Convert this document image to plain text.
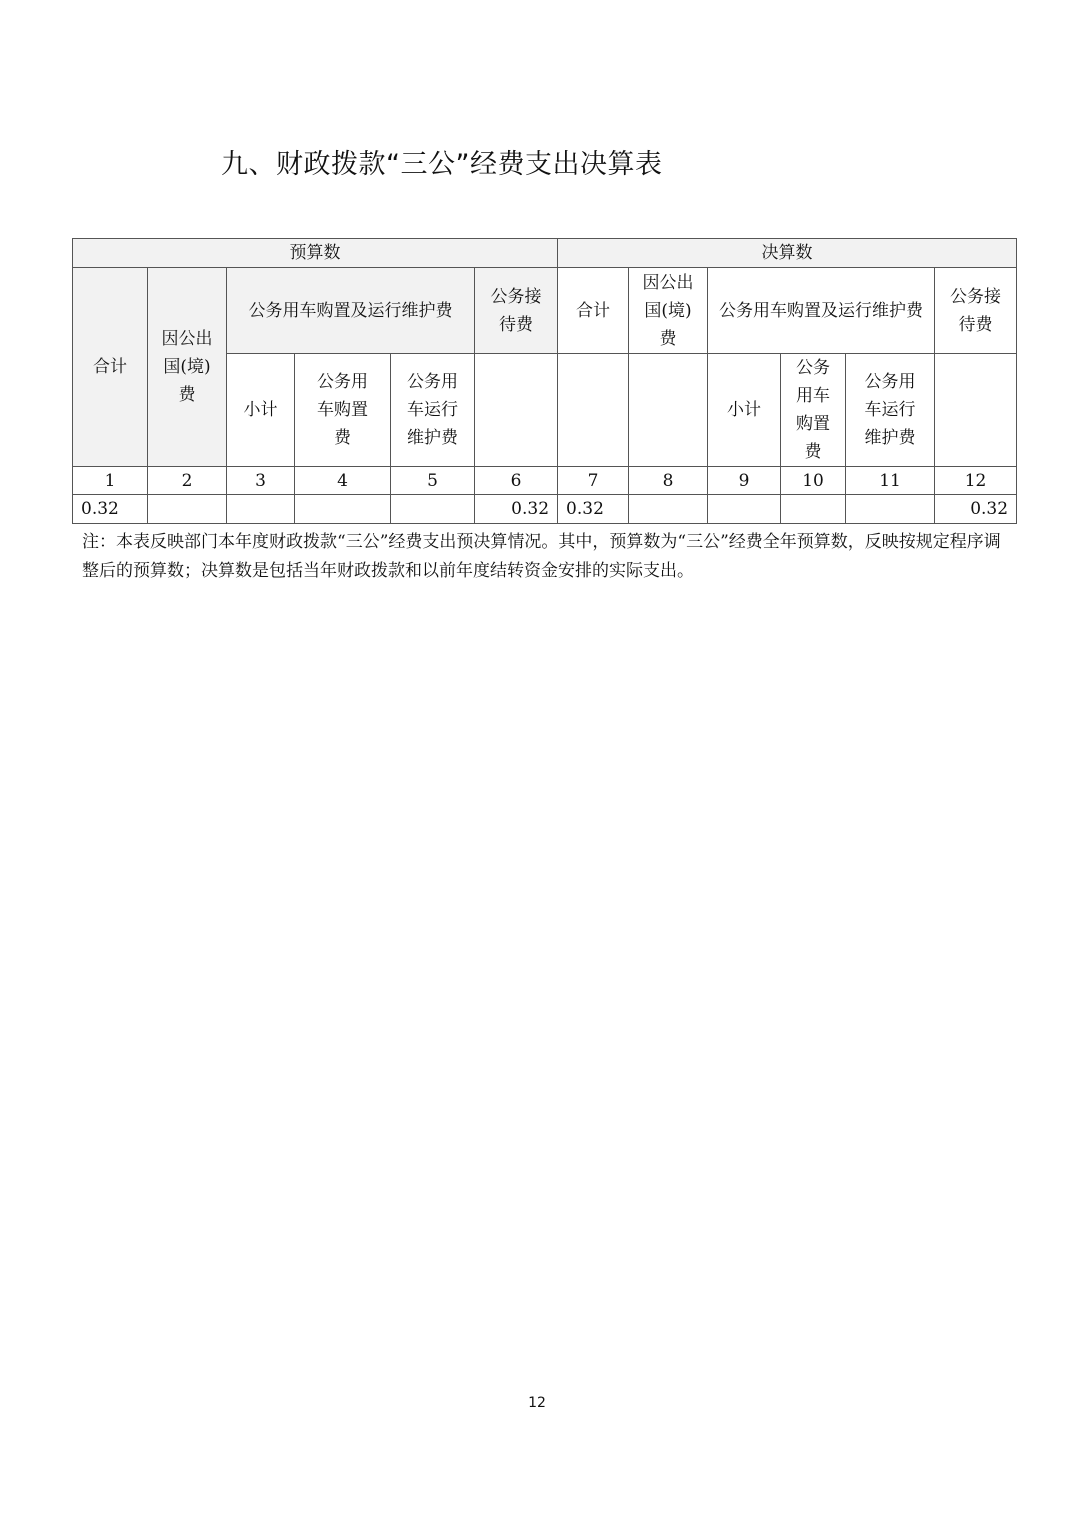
九、财政拨款“三公”经费支出决算表
预算数						决算数					
合计	因公出国(境)费	公务用车购置及运行维护费			公务接待费	合计	因公出国(境)费	公务用车购置及运行维护费			公务接待费
		小计	公务用车购置费	公务用车运行维护费				小计	公务用车购置费	公务用车运行维护费	
1	2	3	4	5	6	7	8	9	10	11	12
0.32					0.32	0.32					0.32

注：本表反映部门本年度财政拨款“三公”经费支出预决算情况。其中，预算数为“三公”经费全年预算数，反映按规定程序调整后的预算数；决算数是包括当年财政拨款和以前年度结转资金安排的实际支出。

12
